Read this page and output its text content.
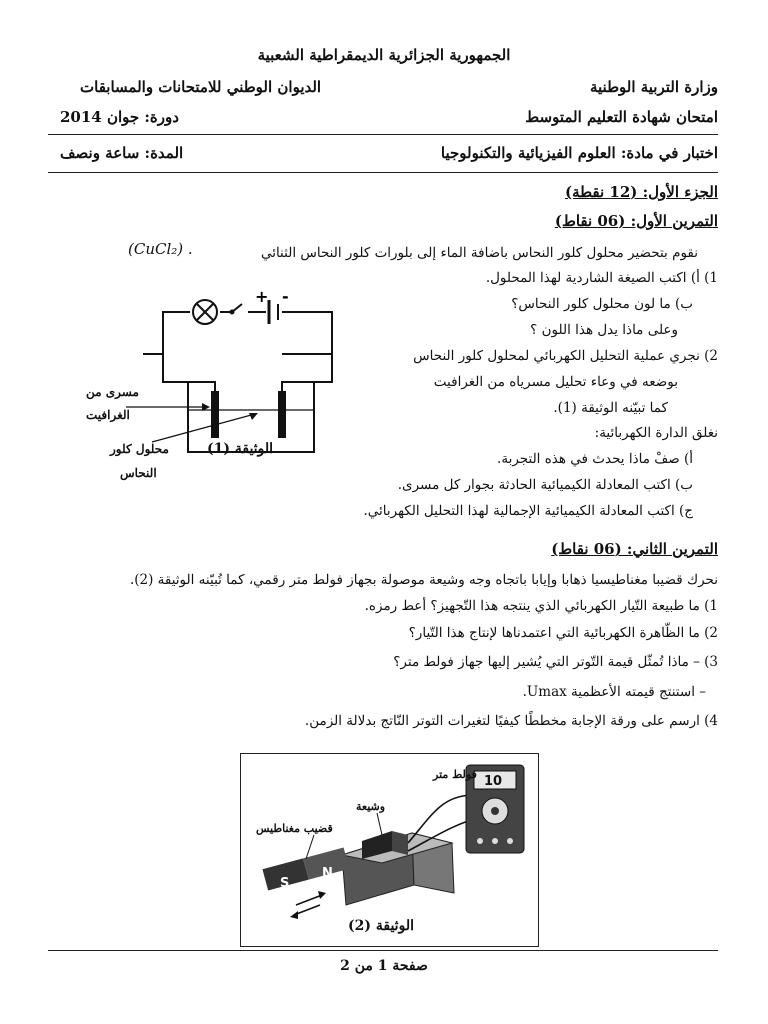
الجمهورية الجزائرية الديمقراطية الشعبية
وزارة التربية الوطنية
الديوان الوطني للامتحانات والمسابقات
امتحان شهادة التعليم المتوسط
دورة: جوان 2014
اختبار في مادة: العلوم الفيزيائية والتكنولوجيا
المدة: ساعة ونصف
الجزء الأول: (12 نقطة)
التمرين الأول: (06 نقاط)
نقوم بتحضير محلول كلور النحاس باضافة الماء إلى بلورات كلور النحاس الثنائي
(CuCl₂) .
1) أ) اكتب الصيغة الشاردية لهذا المحلول.
ب) ما لون محلول كلور النحاس؟
وعلى ماذا يدل هذا اللون ؟
2) نجري عملية التحليل الكهربائي لمحلول كلور النحاس
بوضعه في وعاء تحليل مسرياه من الغرافيت
كما تبيّنه الوثيقة (1).
نغلق الدارة الكهربائية:
أ) صفْ ماذا يحدث في هذه التجربة.
ب) اكتب المعادلة الكيميائية الحادثة بجوار كل مسرى.
ج) اكتب المعادلة الكيميائية الإجمالية لهذا التحليل الكهربائي.
+ -
مسرى من
الغرافيت
محلول كلور
النحاس
الوثيقة (1)
التمرين الثاني: (06 نقاط)
نحرك قضيبا مغناطيسيا ذهابا وإيابا باتجاه وجه وشيعة موصولة بجهاز فولط متر رقمي، كما تُبيّنه الوثيقة (2).
1) ما طبيعة التّيار الكهربائي الذي ينتجه هذا التّجهيز؟ أعط رمزه.
2) ما الظّاهرة الكهربائية التي اعتمدناها لإنتاج هذا التّيار؟
3) – ماذا تُمثّل قيمة التّوتر التي يُشير إليها جهاز فولط متر؟
– استنتج قيمته الأعظمية Umax.
4) ارسم على ورقة الإجابة مخططًا كيفيًا لتغيرات التوتر النّاتج بدلالة الزمن.
S
N
10
فولط متر
وشيعة
قضيب مغناطيس
الوثيقة (2)
صفحة 1 من 2
